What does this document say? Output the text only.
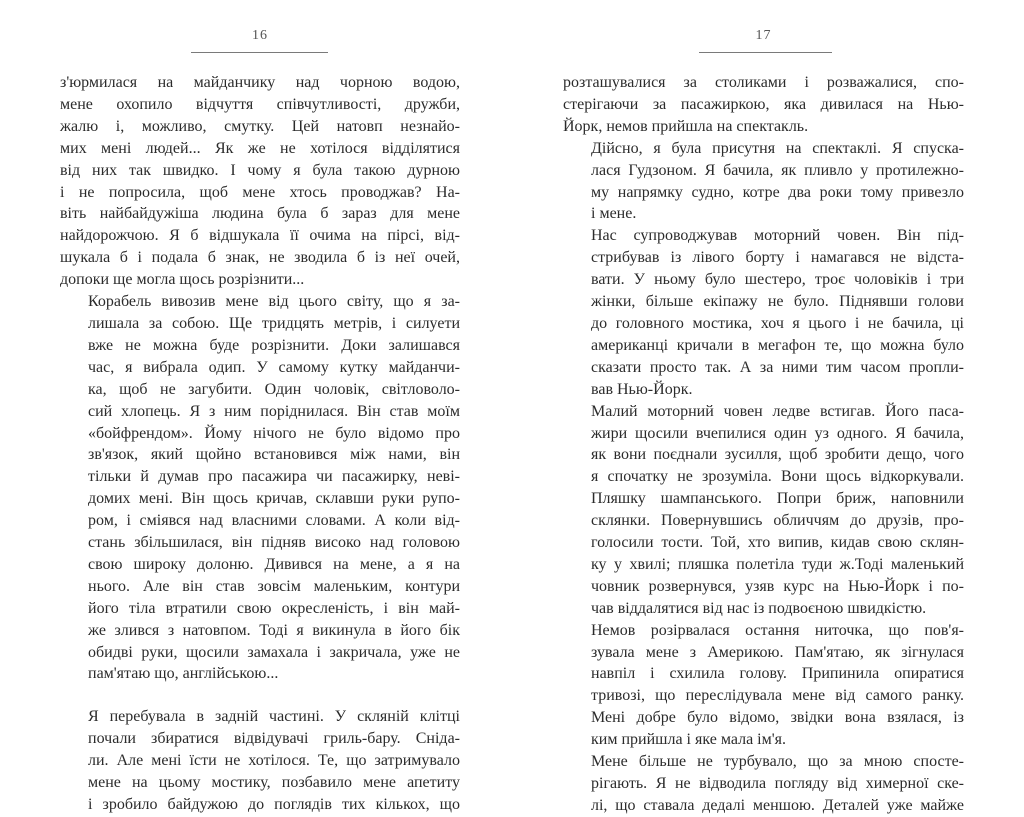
16

з'юрмилася на майданчику над чорною водою,
мене охопило відчуття співчутливості, дружби,
жалю і, можливо, смутку. Цей натовп незнайо-
мих мені людей... Як же не хотілося відділятися
від них так швидко. І чому я була такою дурною
і не попросила, щоб мене хтось проводжав? На-
віть найбайдужіша людина була б зараз для мене
найдорожчою. Я б відшукала її очима на пірсі, від-
шукала б і подала б знак, не зводила б із неї очей,
допоки ще могла щось розрізнити...

Корабель вивозив мене від цього світу, що я за-
лишала за собою. Ще тридцять метрів, і силуети
вже не можна буде розрізнити. Доки залишався
час, я вибрала одип. У самому кутку майданчи-
ка, щоб не загубити. Один чоловік, світловоло-
сий хлопець. Я з ним поріднилася. Він став моїм
«бойфрендом». Йому нічого не було відомо про
зв'язок, який щойно встановився між нами, він
тільки й думав про пасажира чи пасажирку, неві-
домих мені. Він щось кричав, склавши руки рупо-
ром, і сміявся над власними словами. А коли від-
стань збільшилася, він підняв високо над головою
свою широку долоню. Дивився на мене, а я на
нього. Але він став зовсім маленьким, контури
його тіла втратили свою окресленість, і він май-
же злився з натовпом. Тоді я викинула в його бік
обидві руки, щосили замахала і закричала, уже не
пам'ятаю що, англійською...

Я перебувала в задній частині. У скляній клітці
почали збиратися відвідувачі гриль-бару. Сніда-
ли. Але мені їсти не хотілося. Те, що затримувало
мене на цьому мостику, позбавило мене апетиту
і зробило байдужою до поглядів тих кількох, що

17

розташувалися за столиками і розважалися, спо-
стерігаючи за пасажиркою, яка дивилася на Нью-
Йорк, немов прийшла на спектакль.

Дійсно, я була присутня на спектаклі. Я спуска-
лася Гудзоном. Я бачила, як пливло у протилежно-
му напрямку судно, котре два роки тому привезло
і мене.

Нас супроводжував моторний човен. Він під-
стрибував із лівого борту і намагався не відста-
вати. У ньому було шестеро, троє чоловіків і три
жінки, більше екіпажу не було. Піднявши голови
до головного мостика, хоч я цього і не бачила, ці
американці кричали в мегафон те, що можна було
сказати просто так. А за ними тим часом пропли-
вав Нью-Йорк.

Малий моторний човен ледве встигав. Його паса-
жири щосили вчепилися один уз одного. Я бачила,
як вони поєднали зусилля, щоб зробити дещо, чого
я спочатку не зрозуміла. Вони щось відкоркували.
Пляшку шампанського. Попри бриж, наповнили
склянки. Повернувшись обличчям до друзів, про-
голосили тости. Той, хто випив, кидав свою склян-
ку у хвилі; пляшка полетіла туди ж.Тоді маленький
човник розвернувся, узяв курс на Нью-Йорк і по-
чав віддалятися від нас із подвоєною швидкістю.

Немов розірвалася остання ниточка, що пов'я-
зувала мене з Америкою. Пам'ятаю, як зігнулася
навпіл і схилила голову. Припинила опиратися
тривозі, що переслідувала мене від самого ранку.
Мені добре було відомо, звідки вона взялася, із
ким прийшла і яке мала ім'я.

Мене більше не турбувало, що за мною спосте-
рігають. Я не відводила погляду від химерної ске-
лі, що ставала дедалі меншою. Деталей уже майже
